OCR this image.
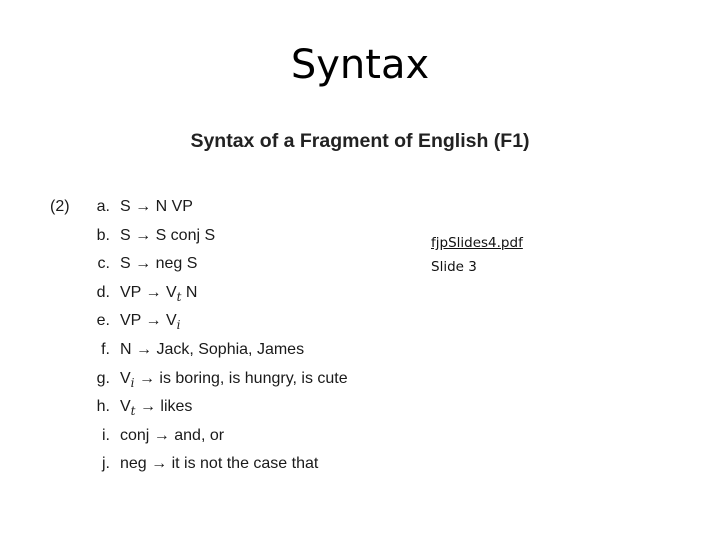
Syntax
Syntax of a Fragment of English (F1)
(2)	a. S → N VP
b. S → S conj S
c. S → neg S
d. VP → $V_t$ N
e. VP → $V_i$
f. N → Jack, Sophia, James
g. $V_i$ → is boring, is hungry, is cute
h. $V_t$ → likes
i. conj → and, or
j. neg → it is not the case that
fjpSlides4.pdf
Slide 3
